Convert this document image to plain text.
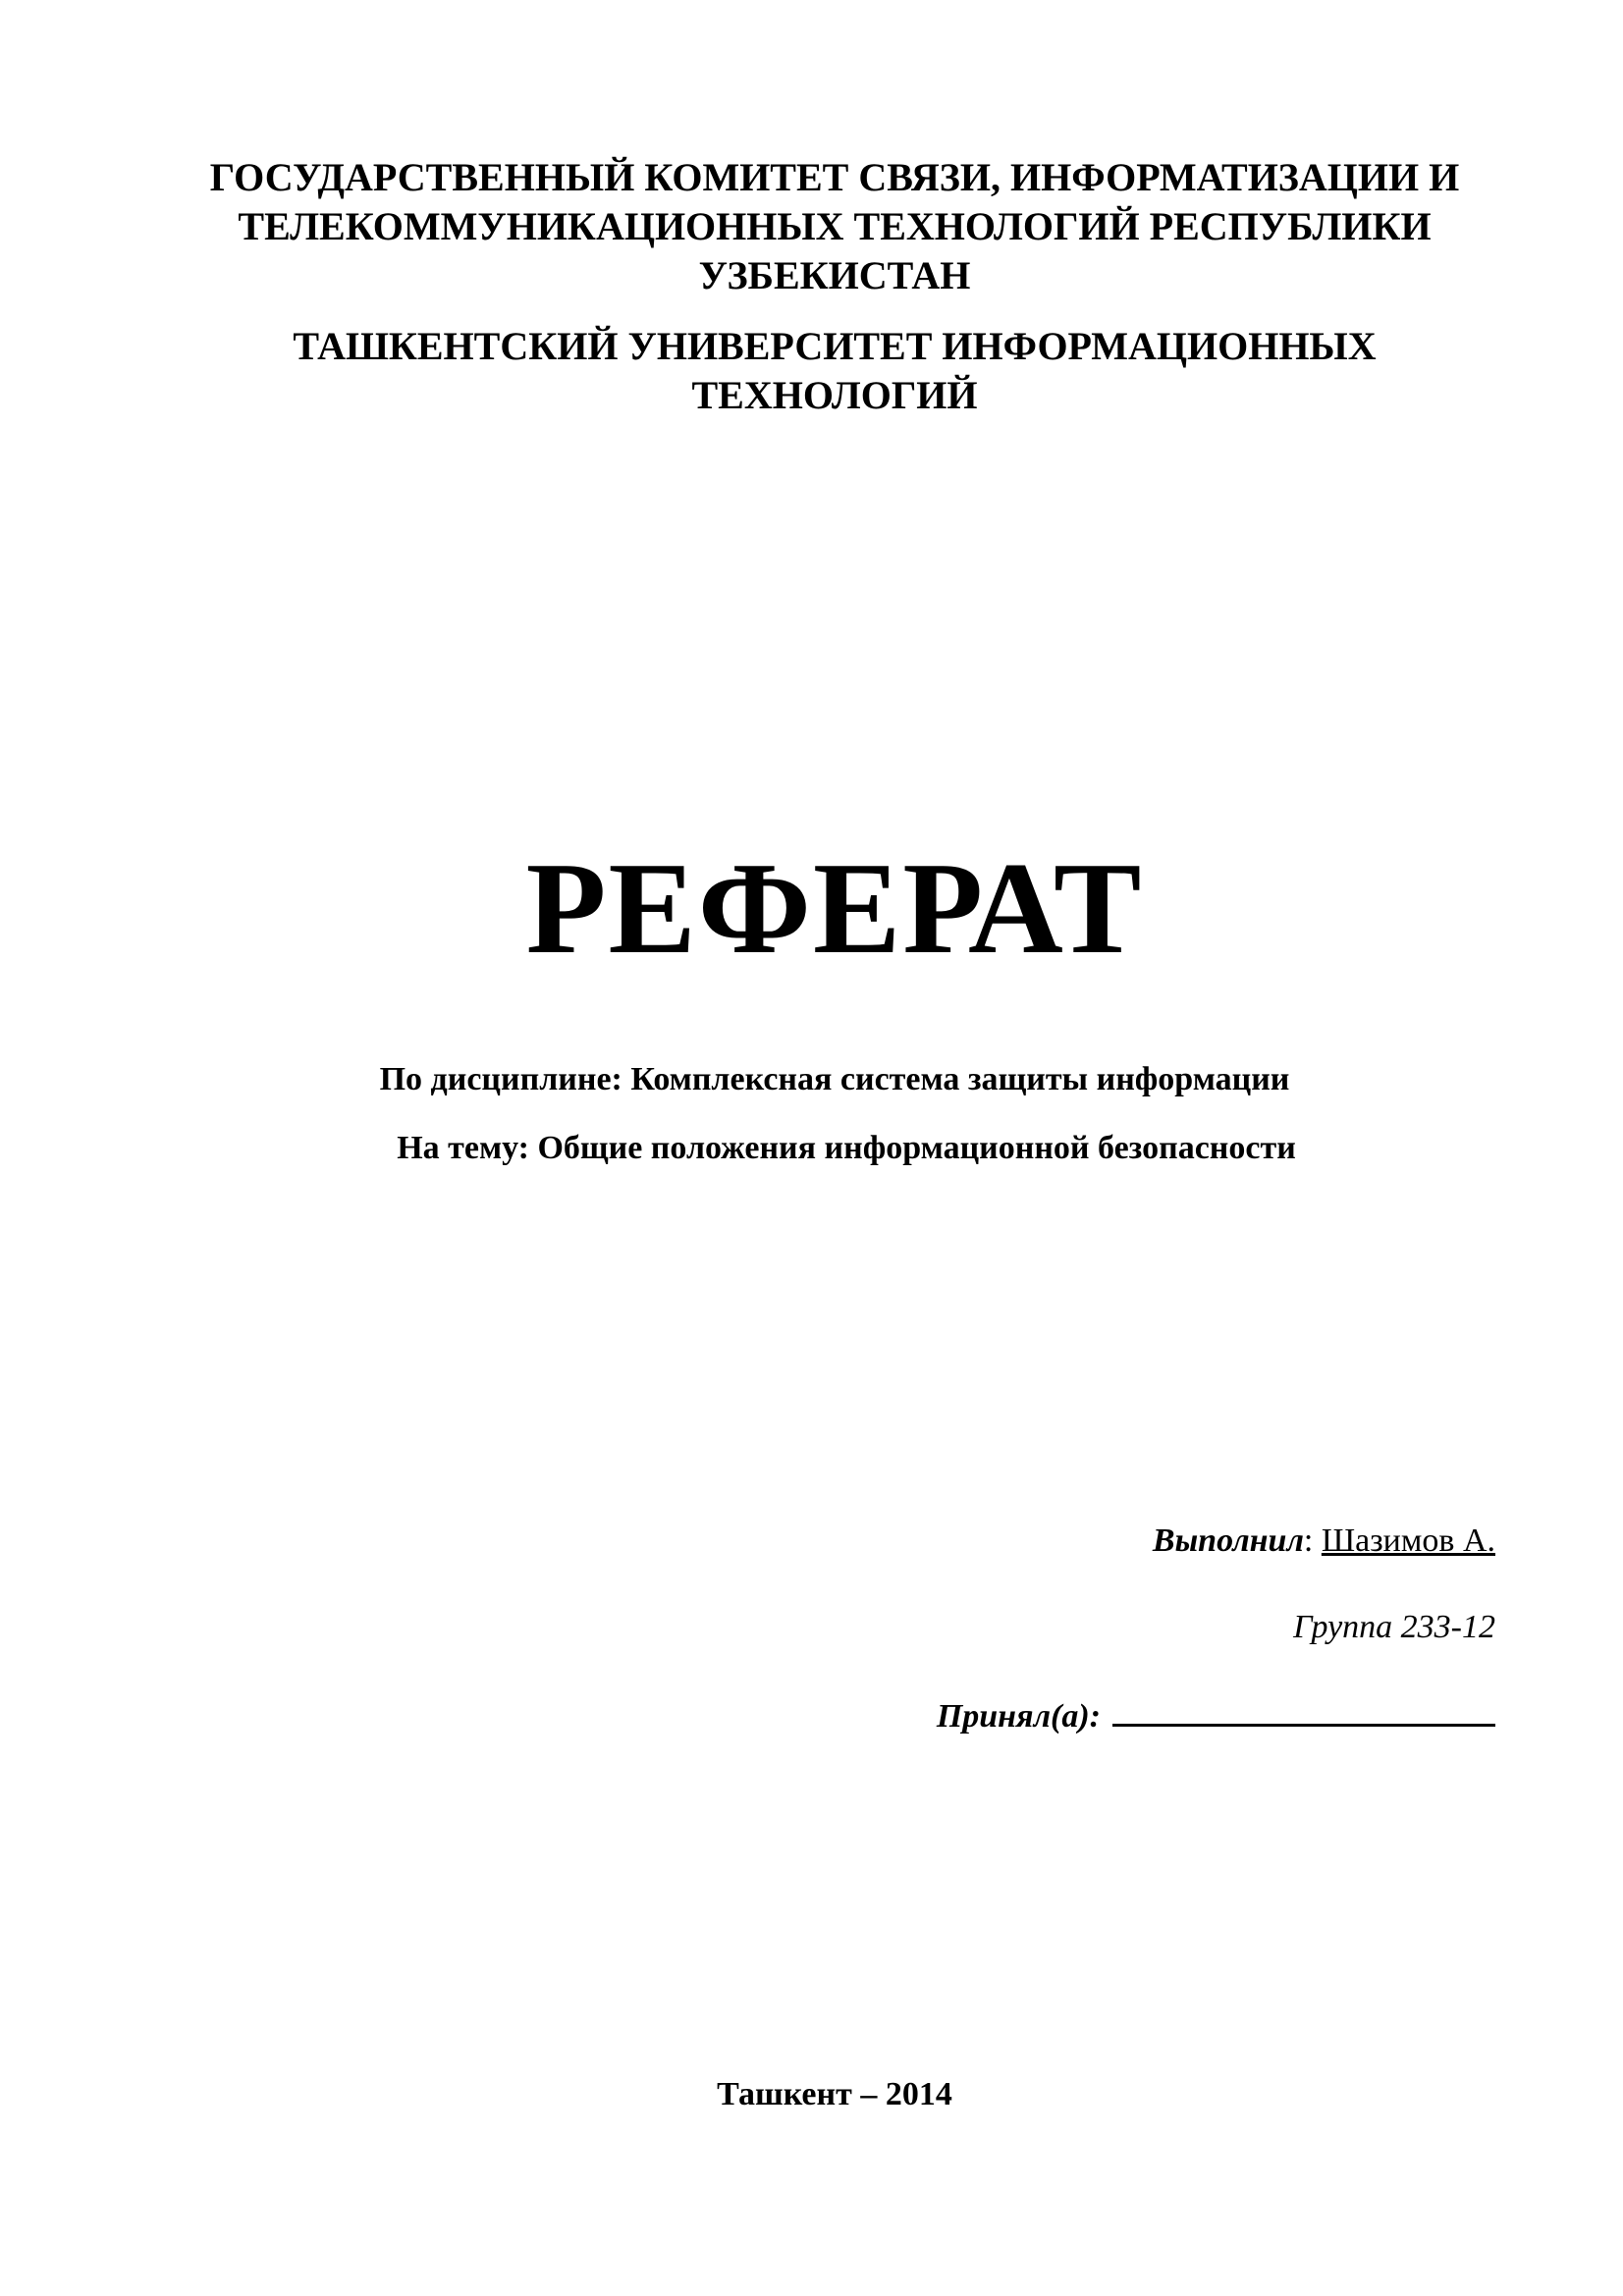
ГОСУДАРСТВЕННЫЙ КОМИТЕТ СВЯЗИ, ИНФОРМАТИЗАЦИИ И
ТЕЛЕКОММУНИКАЦИОННЫХ ТЕХНОЛОГИЙ РЕСПУБЛИКИ
УЗБЕКИСТАН
ТАШКЕНТСКИЙ УНИВЕРСИТЕТ ИНФОРМАЦИОННЫХ
ТЕХНОЛОГИЙ
РЕФЕРАТ
По дисциплине: Комплексная система защиты информации
На тему: Общие положения информационной безопасности
Выполнил: Шазимов А.
Группа 233-12
Принял(а):
Ташкент – 2014
